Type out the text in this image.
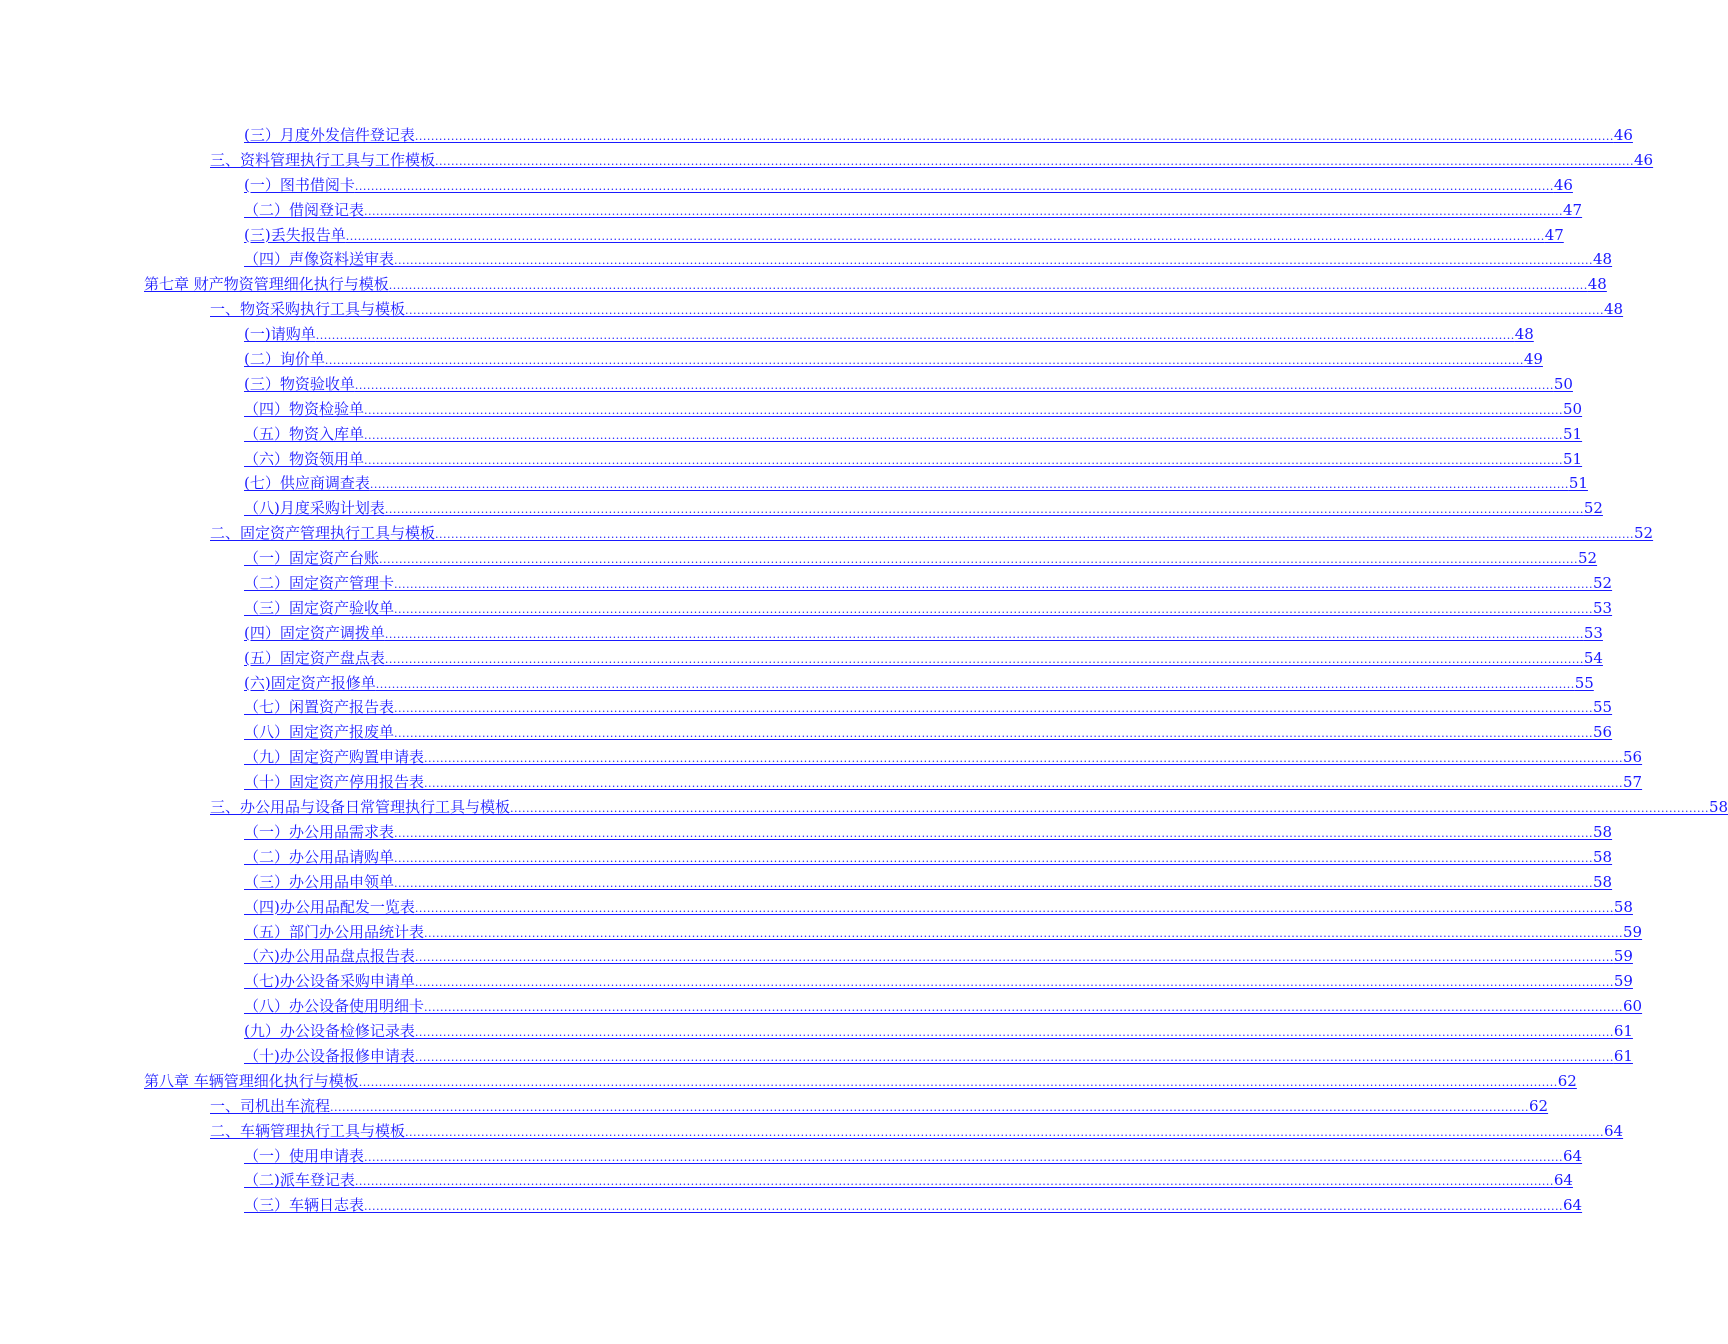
(三）月度外发信件登记表 ............................................................................................................................................................................................................................................................................................................ 46
三、资料管理执行工具与工作模板 ............................................................................................................................................................................................................................................................................................................ 46
(一）图书借阅卡 ............................................................................................................................................................................................................................................................................................................ 46
（二）借阅登记表 ............................................................................................................................................................................................................................................................................................................ 47
(三)丢失报告单 ............................................................................................................................................................................................................................................................................................................ 47
（四）声像资料送审表 ............................................................................................................................................................................................................................................................................................................ 48
第七章 财产物资管理细化执行与模板 ............................................................................................................................................................................................................................................................................................................ 48
一、物资采购执行工具与模板 ............................................................................................................................................................................................................................................................................................................ 48
(一)请购单 ............................................................................................................................................................................................................................................................................................................ 48
(二）询价单 ............................................................................................................................................................................................................................................................................................................ 49
(三）物资验收单 ............................................................................................................................................................................................................................................................................................................ 50
（四）物资检验单 ............................................................................................................................................................................................................................................................................................................ 50
（五）物资入库单 ............................................................................................................................................................................................................................................................................................................ 51
（六）物资领用单 ............................................................................................................................................................................................................................................................................................................ 51
(七）供应商调查表 ............................................................................................................................................................................................................................................................................................................ 51
（八)月度采购计划表 ............................................................................................................................................................................................................................................................................................................ 52
二、固定资产管理执行工具与模板 ............................................................................................................................................................................................................................................................................................................ 52
（一）固定资产台账 ............................................................................................................................................................................................................................................................................................................ 52
（二）固定资产管理卡 ............................................................................................................................................................................................................................................................................................................ 52
（三）固定资产验收单 ............................................................................................................................................................................................................................................................................................................ 53
(四）固定资产调拨单 ............................................................................................................................................................................................................................................................................................................ 53
(五）固定资产盘点表 ............................................................................................................................................................................................................................................................................................................ 54
(六)固定资产报修单 ............................................................................................................................................................................................................................................................................................................ 55
（七）闲置资产报告表 ............................................................................................................................................................................................................................................................................................................ 55
（八）固定资产报废单 ............................................................................................................................................................................................................................................................................................................ 56
（九）固定资产购置申请表 ............................................................................................................................................................................................................................................................................................................ 56
（十）固定资产停用报告表 ............................................................................................................................................................................................................................................................................................................ 57
三、办公用品与设备日常管理执行工具与模板 ............................................................................................................................................................................................................................................................................................................ 58
（一）办公用品需求表 ............................................................................................................................................................................................................................................................................................................ 58
（二）办公用品请购单 ............................................................................................................................................................................................................................................................................................................ 58
（三）办公用品申领单 ............................................................................................................................................................................................................................................................................................................ 58
（四)办公用品配发一览表 ............................................................................................................................................................................................................................................................................................................ 58
（五）部门办公用品统计表 ............................................................................................................................................................................................................................................................................................................ 59
（六)办公用品盘点报告表 ............................................................................................................................................................................................................................................................................................................ 59
（七)办公设备采购申请单 ............................................................................................................................................................................................................................................................................................................ 59
（八）办公设备使用明细卡 ............................................................................................................................................................................................................................................................................................................ 60
(九）办公设备检修记录表 ............................................................................................................................................................................................................................................................................................................ 61
（十)办公设备报修申请表 ............................................................................................................................................................................................................................................................................................................ 61
第八章 车辆管理细化执行与模板 ............................................................................................................................................................................................................................................................................................................ 62
一、司机出车流程 ............................................................................................................................................................................................................................................................................................................ 62
二、车辆管理执行工具与模板 ............................................................................................................................................................................................................................................................................................................ 64
（一）使用申请表 ............................................................................................................................................................................................................................................................................................................ 64
（二)派车登记表 ............................................................................................................................................................................................................................................................................................................ 64
（三）车辆日志表 ............................................................................................................................................................................................................................................................................................................ 64
